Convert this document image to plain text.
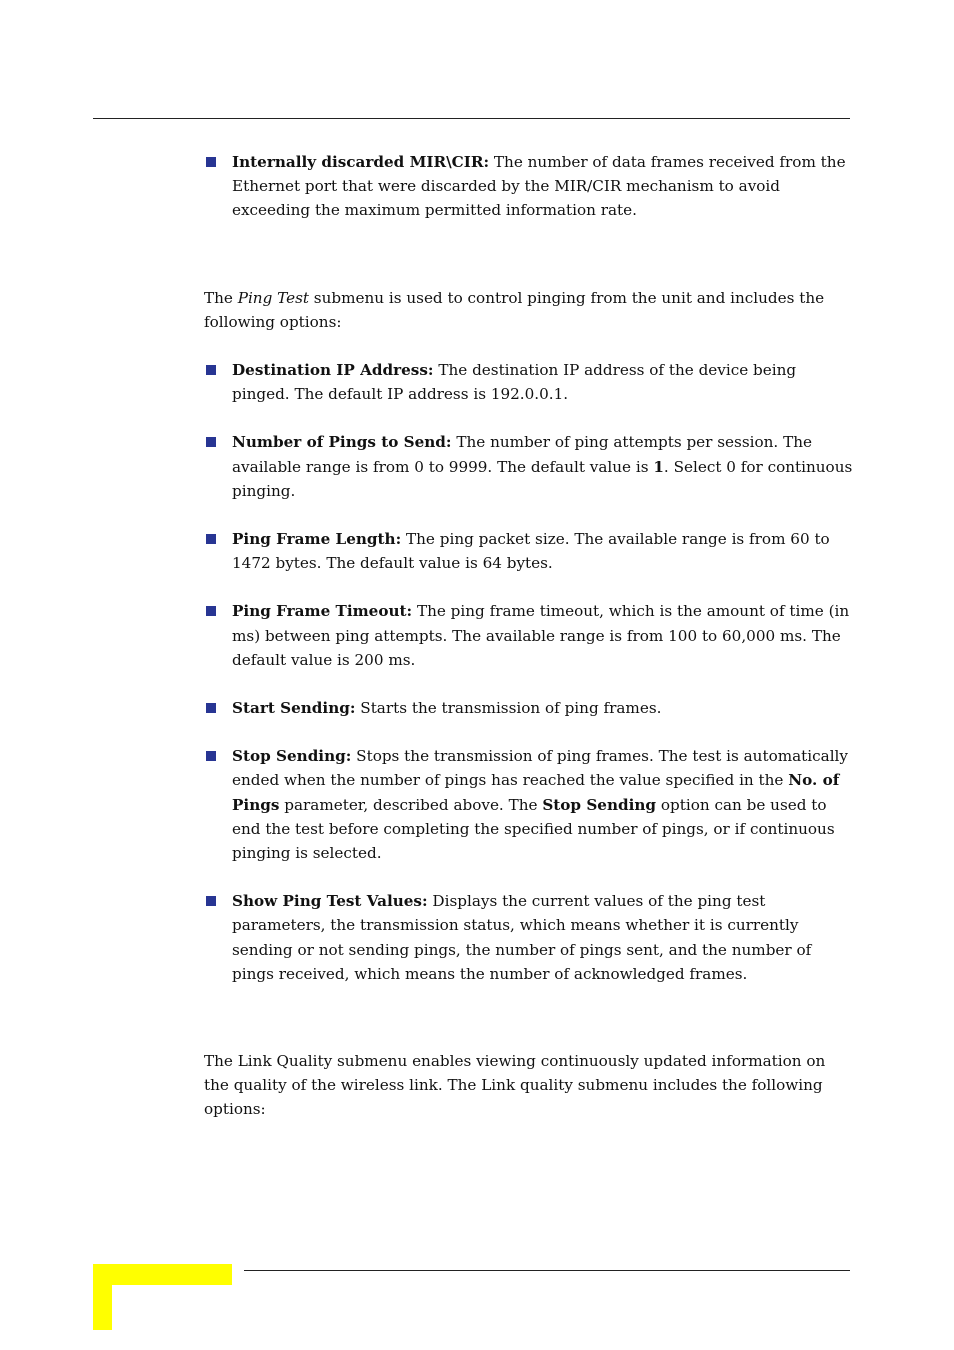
Internally discarded MIR\CIR: The number of data frames received from the Ethernet port that were discarded by the MIR/CIR mechanism to avoid exceeding the maximum permitted information rate.

The Ping Test submenu is used to control pinging from the unit and includes the following options:

Destination IP Address: The destination IP address of the device being pinged. The default IP address is 192.0.0.1.

Number of Pings to Send: The number of ping attempts per session. The available range is from 0 to 9999. The default value is 1. Select 0 for continuous pinging.

Ping Frame Length: The ping packet size. The available range is from 60 to 1472 bytes. The default value is 64 bytes.

Ping Frame Timeout: The ping frame timeout, which is the amount of time (in ms) between ping attempts. The available range is from 100 to 60,000 ms. The default value is 200 ms.

Start Sending: Starts the transmission of ping frames.

Stop Sending: Stops the transmission of ping frames. The test is automatically ended when the number of pings has reached the value specified in the No. of Pings parameter, described above. The Stop Sending option can be used to end the test before completing the specified number of pings, or if continuous pinging is selected.

Show Ping Test Values: Displays the current values of the ping test parameters, the transmission status, which means whether it is currently sending or not sending pings, the number of pings sent, and the number of pings received, which means the number of acknowledged frames.

The Link Quality submenu enables viewing continuously updated information on the quality of the wireless link. The Link quality submenu includes the following options:
